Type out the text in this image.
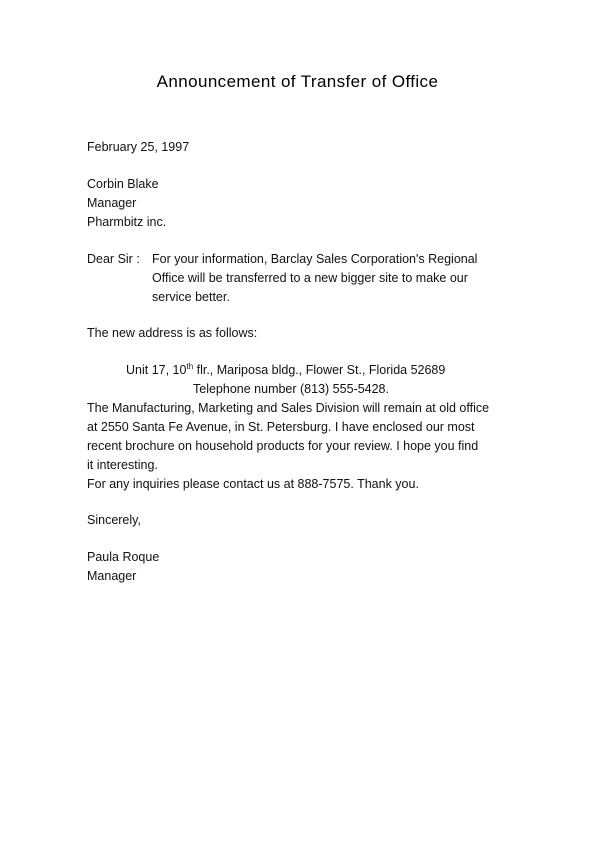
Announcement of Transfer of Office

February 25, 1997

Corbin Blake

Manager

Pharmbitz inc.

Dear Sir : For your information, Barclay Sales Corporation's Regional
Office will be transferred to a new bigger site to make our
service better.

The new address is as follows:

Unit 17, 10th flr., Mariposa bldg., Flower St., Florida 52689
Telephone number (813) 555-5428.

The Manufacturing, Marketing and Sales Division will remain at old office

at 2550 Santa Fe Avenue, in St. Petersburg. I have enclosed our most

recent brochure on household products for your review. I hope you find

it interesting.

For any inquiries please contact us at 888-7575. Thank you.

Sincerely,

Paula Roque

Manager
